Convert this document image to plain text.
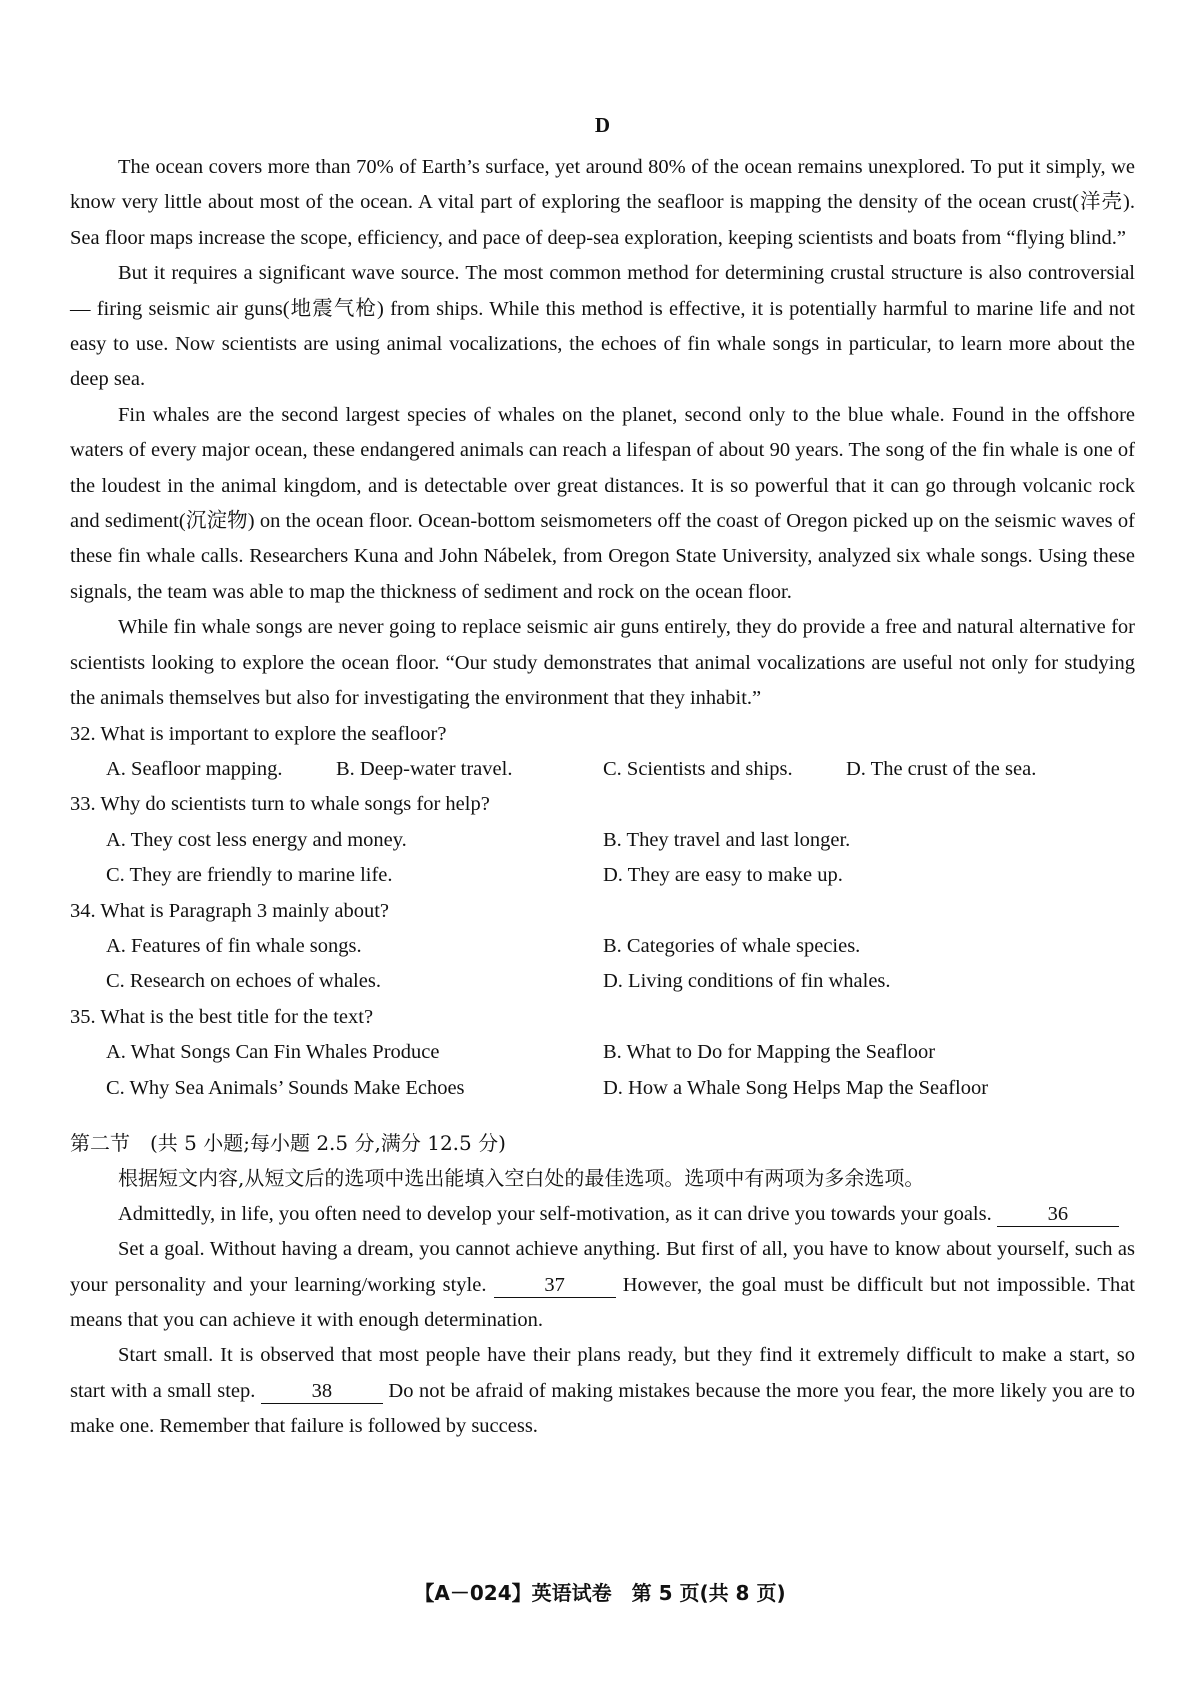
D

The ocean covers more than 70% of Earth’s surface, yet around 80% of the ocean remains unexplored. To put it simply, we know very little about most of the ocean. A vital part of exploring the seafloor is mapping the density of the ocean crust(洋壳). Sea floor maps increase the scope, efficiency, and pace of deep-sea exploration, keeping scientists and boats from “flying blind.”

But it requires a significant wave source. The most common method for determining crustal structure is also controversial — firing seismic air guns(地震气枪) from ships. While this method is effective, it is potentially harmful to marine life and not easy to use. Now scientists are using animal vocalizations, the echoes of fin whale songs in particular, to learn more about the deep sea.

Fin whales are the second largest species of whales on the planet, second only to the blue whale. Found in the offshore waters of every major ocean, these endangered animals can reach a lifespan of about 90 years. The song of the fin whale is one of the loudest in the animal kingdom, and is detectable over great distances. It is so powerful that it can go through volcanic rock and sediment(沉淀物) on the ocean floor. Ocean-bottom seismometers off the coast of Oregon picked up on the seismic waves of these fin whale calls. Researchers Kuna and John Nábelek, from Oregon State University, analyzed six whale songs. Using these signals, the team was able to map the thickness of sediment and rock on the ocean floor.

While fin whale songs are never going to replace seismic air guns entirely, they do provide a free and natural alternative for scientists looking to explore the ocean floor. “Our study demonstrates that animal vocalizations are useful not only for studying the animals themselves but also for investigating the environment that they inhabit.”

32. What is important to explore the seafloor?
A. Seafloor mapping.	B. Deep-water travel.	C. Scientists and ships.	D. The crust of the sea.
33. Why do scientists turn to whale songs for help?
A. They cost less energy and money.	B. They travel and last longer.
C. They are friendly to marine life.	D. They are easy to make up.
34. What is Paragraph 3 mainly about?
A. Features of fin whale songs.	B. Categories of whale species.
C. Research on echoes of whales.	D. Living conditions of fin whales.
35. What is the best title for the text?
A. What Songs Can Fin Whales Produce	B. What to Do for Mapping the Seafloor
C. Why Sea Animals’ Sounds Make Echoes	D. How a Whale Song Helps Map the Seafloor
第二节　(共 5 小题;每小题 2.5 分,满分 12.5 分)
根据短文内容,从短文后的选项中选出能填入空白处的最佳选项。选项中有两项为多余选项。

Admittedly, in life, you often need to develop your self-motivation, as it can drive you towards your goals.	36

Set a goal. Without having a dream, you cannot achieve anything. But first of all, you have to know about yourself, such as your personality and your learning/working style.	37	However, the goal must be difficult but not impossible. That means that you can achieve it with enough determination.

Start small. It is observed that most people have their plans ready, but they find it extremely difficult to make a start, so start with a small step.	38	Do not be afraid of making mistakes because the more you fear, the more likely you are to make one. Remember that failure is followed by success.

【A－024】英语试卷　第 5 页(共 8 页)
